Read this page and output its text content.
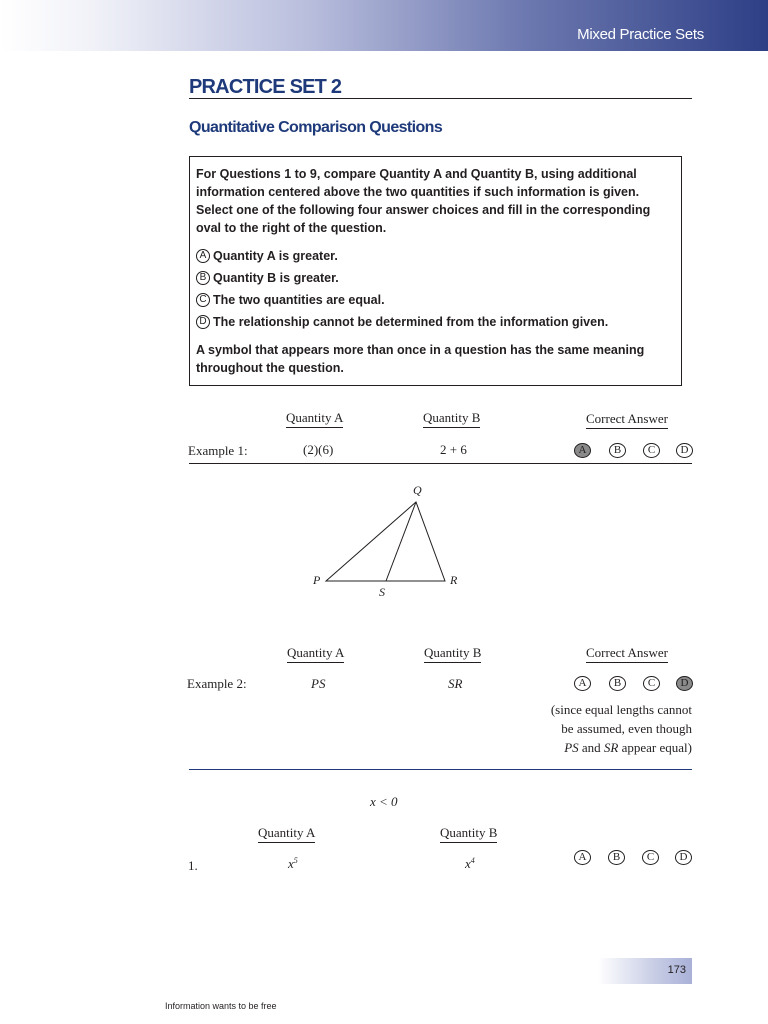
Mixed Practice Sets
PRACTICE SET 2
Quantitative Comparison Questions

For Questions 1 to 9, compare Quantity A and Quantity B, using additional information centered above the two quantities if such information is given. Select one of the following four answer choices and fill in the corresponding oval to the right of the question.

A Quantity A is greater.
B Quantity B is greater.
C The two quantities are equal.
D The relationship cannot be determined from the information given.

A symbol that appears more than once in a question has the same meaning throughout the question.

Quantity A	Quantity B	Correct Answer
Example 1:	(2)(6)	2 + 6	A	B	C	D
Q
P	R
S
Quantity A	Quantity B	Correct Answer
Example 2:	PS	SR	A	B	C	D
(since equal lengths cannot
be assumed, even though
PS and SR appear equal)
x < 0
Quantity A	Quantity B
1.	$x^5$	$x^4$	A	B	C	D
173
Information wants to be free
